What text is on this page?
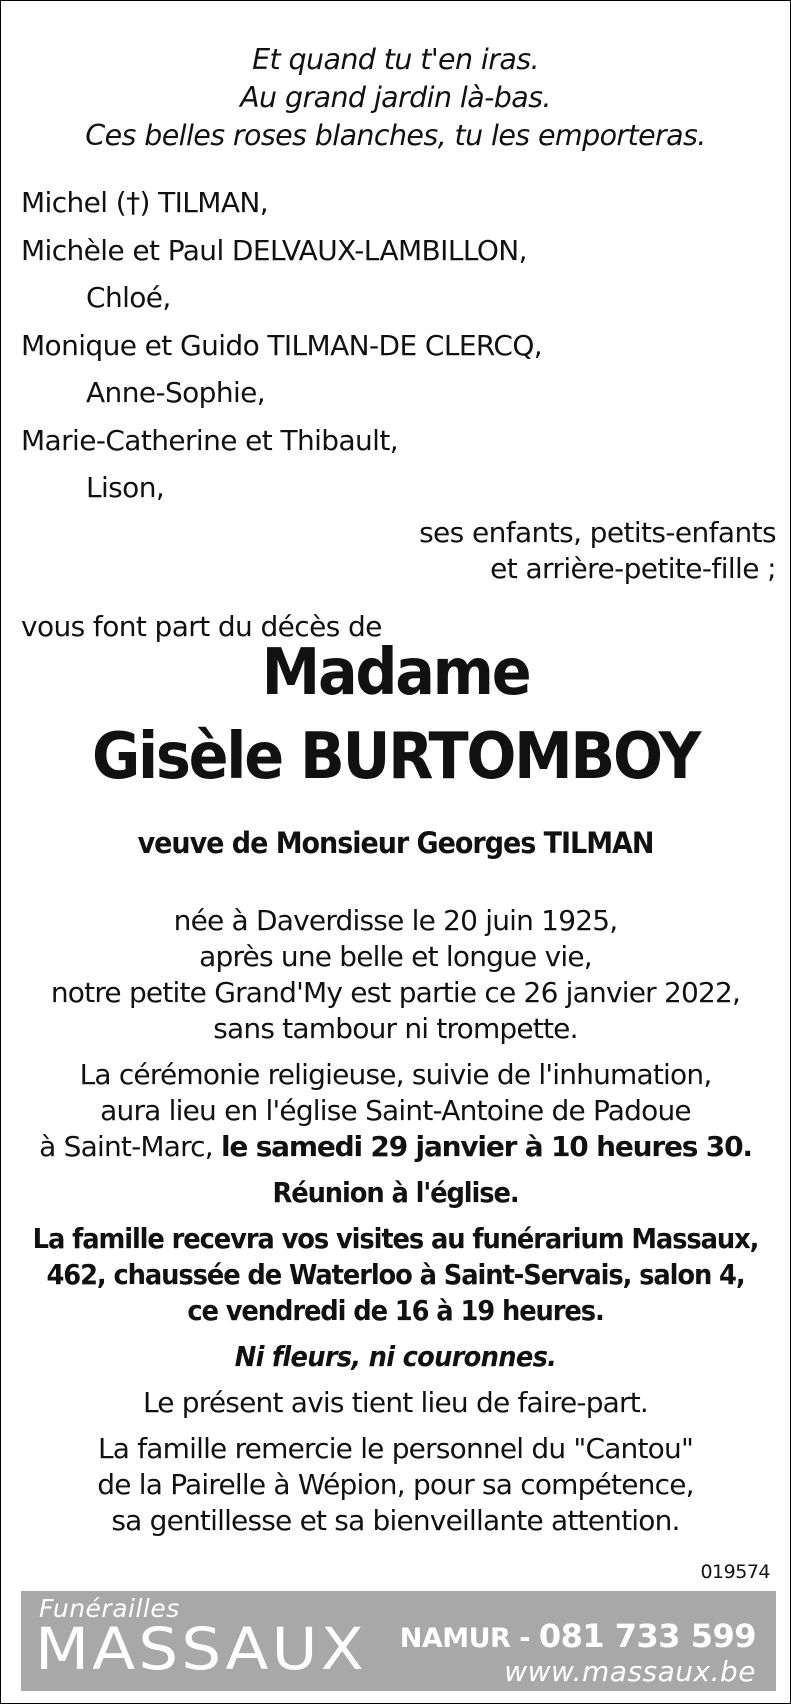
Et quand tu t'en iras.
Au grand jardin là-bas.
Ces belles roses blanches, tu les emporteras.
Michel (†) TILMAN,
Michèle et Paul DELVAUX-LAMBILLON,
Chloé,
Monique et Guido TILMAN-DE CLERCQ,
Anne-Sophie,
Marie-Catherine et Thibault,
Lison,
ses enfants, petits-enfants
et arrière-petite-fille ;
vous font part du décès de
Madame
Gisèle BURTOMBOY
veuve de Monsieur Georges TILMAN
née à Daverdisse le 20 juin 1925,
après une belle et longue vie,
notre petite Grand'My est partie ce 26 janvier 2022,
sans tambour ni trompette.
La cérémonie religieuse, suivie de l'inhumation,
aura lieu en l'église Saint-Antoine de Padoue
à Saint-Marc, le samedi 29 janvier à 10 heures 30.
Réunion à l'église.
La famille recevra vos visites au funérarium Massaux,
462, chaussée de Waterloo à Saint-Servais, salon 4,
ce vendredi de 16 à 19 heures.
Ni fleurs, ni couronnes.
Le présent avis tient lieu de faire-part.
La famille remercie le personnel du "Cantou"
de la Pairelle à Wépion, pour sa compétence,
sa gentillesse et sa bienveillante attention.
019574
Funérailles
MASSAUX NAMUR - 081 733 599
www.massaux.be
